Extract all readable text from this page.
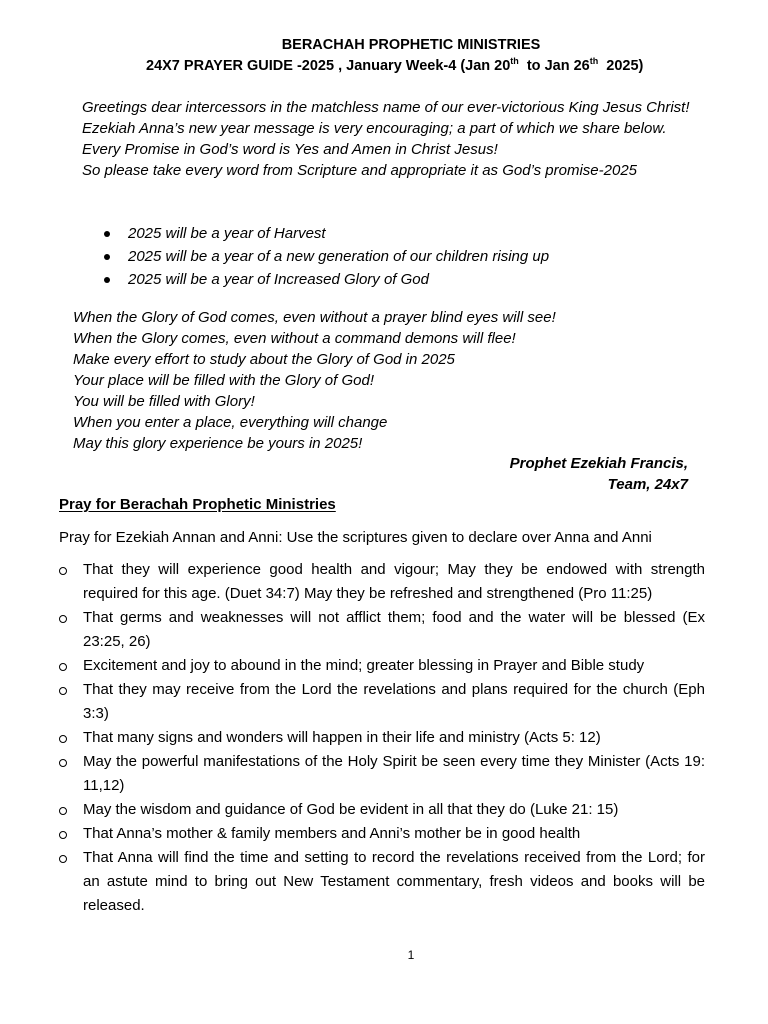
BERACHAH PROPHETIC MINISTRIES
24X7 PRAYER GUIDE -2025 , January Week-4 (Jan 20th  to Jan 26th  2025)

Greetings dear intercessors in the matchless name of our ever-victorious King Jesus Christ! Ezekiah Anna’s new year message is very encouraging; a part of which we share below.

Every Promise in God’s word is Yes and Amen in Christ Jesus!

So please take every word from Scripture and appropriate it as God’s promise-2025

2025 will be a year of Harvest
2025 will be a year of a new generation of our children rising up
2025 will be a year of Increased Glory of God

When the Glory of God comes, even without a prayer blind eyes will see!

When the Glory comes, even without a command demons will flee!

Make every effort to study about the Glory of God in 2025

Your place will be filled with the Glory of God!

You will be filled with Glory!

When you enter a place, everything will change

May this glory experience be yours in 2025!

Prophet Ezekiah Francis,

Team, 24x7

Pray for Berachah Prophetic Ministries
Pray for Ezekiah Annan and Anni: Use the scriptures given to declare over Anna and Anni
That they will experience good health and vigour; May they be endowed with strength required for this age. (Duet 34:7) May they be refreshed and strengthened (Pro 11:25)
That germs and weaknesses will not afflict them; food and the water will be blessed (Ex 23:25, 26)
Excitement and joy to abound in the mind; greater blessing in Prayer and Bible study
That they may receive from the Lord the revelations and plans required for the church (Eph 3:3)
That many signs and wonders will happen in their life and ministry (Acts 5: 12)
May the powerful manifestations of the Holy Spirit be seen every time they Minister (Acts 19: 11,12)
May the wisdom and guidance of God be evident in all that they do (Luke 21: 15)
That Anna’s mother & family members and Anni’s mother be in good health
That Anna will find the time and setting to record the revelations received from the Lord; for an astute mind to bring out New Testament commentary, fresh videos and books will be released.
1
